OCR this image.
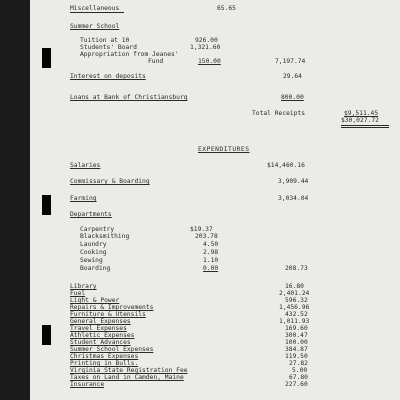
Miscellaneous	65.65
Summer School
Tuition at 10	926.00
Students' Board	1,321.60
Appropriation from Jeanes'
Fund	150.00	7,197.74
Interest on deposits	29.64
Loans at Bank of Christiansburg	800.00
Total Receipts	$9,511.45
$30,027.72
EXPENDITURES
Salaries	$14,460.16
Commissary & Boarding	3,909.44
Farming	3,034.04
Departments
Carpentry	$19.37
Blacksmithing	203.78
Laundry	4.50
Cooking	2.98
Sewing	1.10
Boarding	0.00	208.73
Library	16.80
Fuel	2,401.24
Light & Power	596.32
Repairs & Improvements	1,456.96
Furniture & Utensils	432.52
General Expenses	1,011.93
Travel Expenses	169.60
Athletic Expenses	300.47
Student Advances	100.00
Summer School Expenses	384.87
Christmas Expenses	119.50
Printing in Bulls.	27.82
Virginia State Registration Fee	5.00
Taxes on Land in Camden, Maine	67.80
Insurance	227.60
